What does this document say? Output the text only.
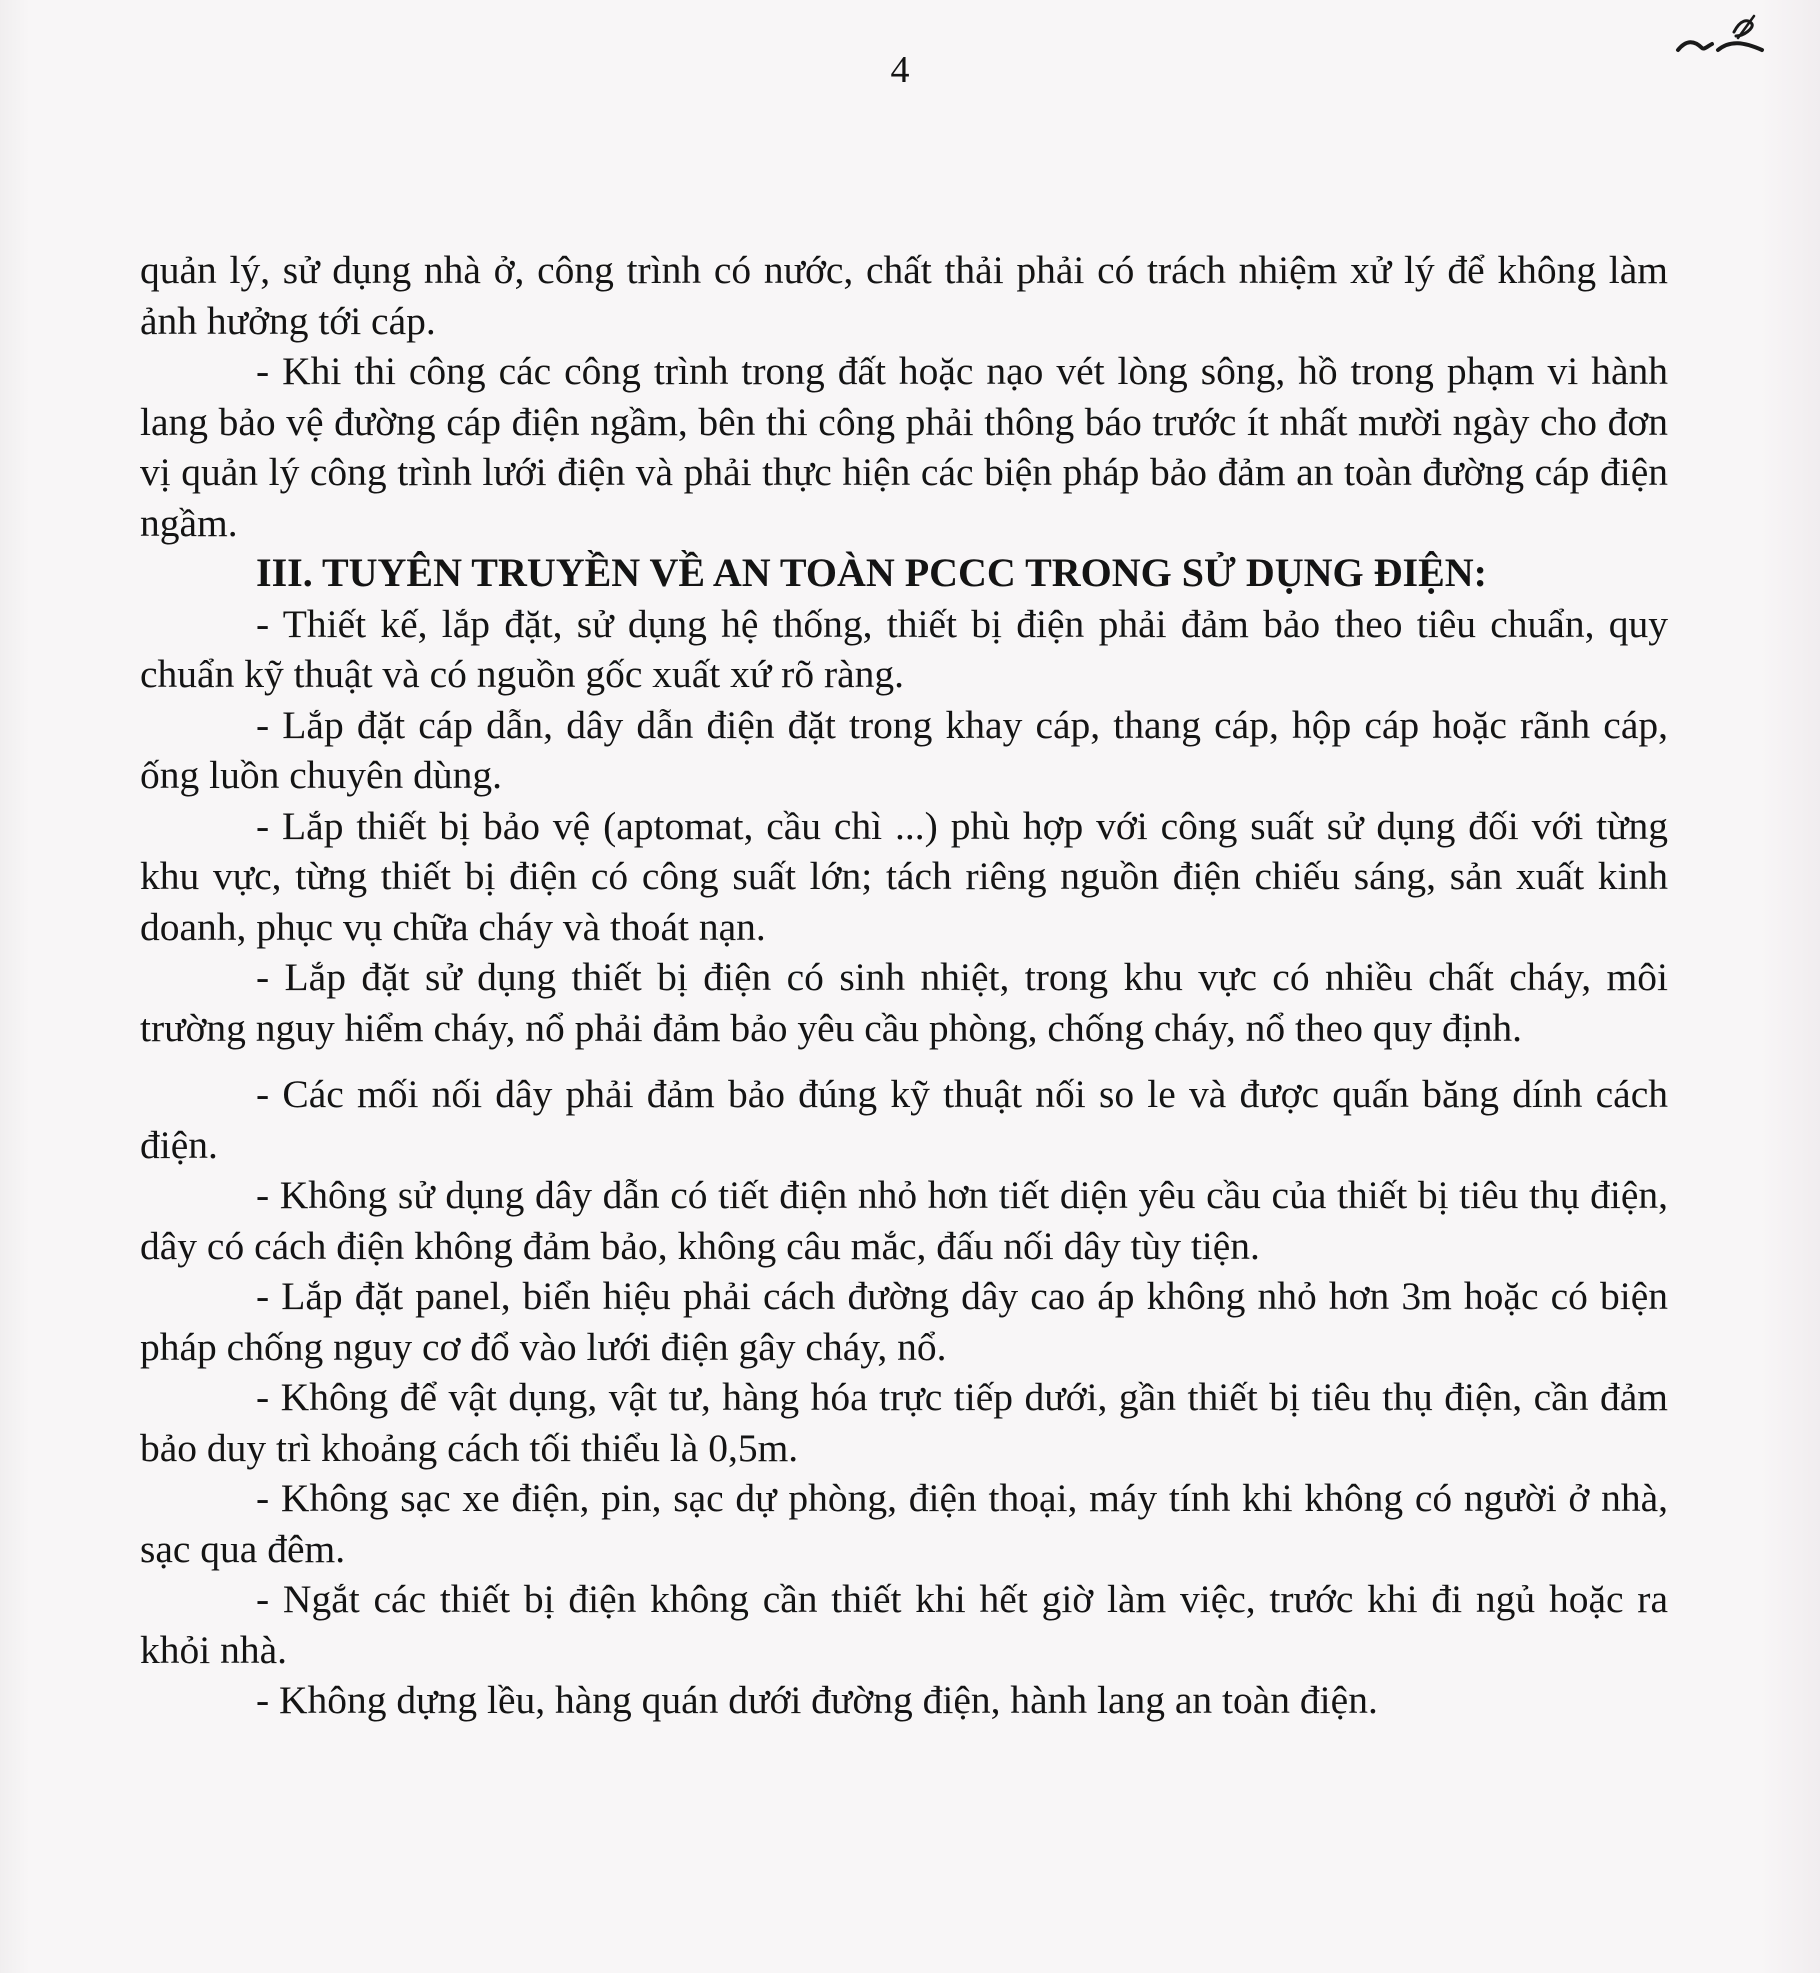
4

quản lý, sử dụng nhà ở, công trình có nước, chất thải phải có trách nhiệm xử lý để không làm ảnh hưởng tới cáp.

- Khi thi công các công trình trong đất hoặc nạo vét lòng sông, hồ trong phạm vi hành lang bảo vệ đường cáp điện ngầm, bên thi công phải thông báo trước ít nhất mười ngày cho đơn vị quản lý công trình lưới điện và phải thực hiện các biện pháp bảo đảm an toàn đường cáp điện ngầm.

III. TUYÊN TRUYỀN VỀ AN TOÀN PCCC TRONG SỬ DỤNG ĐIỆN:

- Thiết kế, lắp đặt, sử dụng hệ thống, thiết bị điện phải đảm bảo theo tiêu chuẩn, quy chuẩn kỹ thuật và có nguồn gốc xuất xứ rõ ràng.

- Lắp đặt cáp dẫn, dây dẫn điện đặt trong khay cáp, thang cáp, hộp cáp hoặc rãnh cáp, ống luồn chuyên dùng.

- Lắp thiết bị bảo vệ (aptomat, cầu chì ...) phù hợp với công suất sử dụng đối với từng khu vực, từng thiết bị điện có công suất lớn; tách riêng nguồn điện chiếu sáng, sản xuất kinh doanh, phục vụ chữa cháy và thoát nạn.

- Lắp đặt sử dụng thiết bị điện có sinh nhiệt, trong khu vực có nhiều chất cháy, môi trường nguy hiểm cháy, nổ phải đảm bảo yêu cầu phòng, chống cháy, nổ theo quy định.

- Các mối nối dây phải đảm bảo đúng kỹ thuật nối so le và được quấn băng dính cách điện.

- Không sử dụng dây dẫn có tiết điện nhỏ hơn tiết diện yêu cầu của thiết bị tiêu thụ điện, dây có cách điện không đảm bảo, không câu mắc, đấu nối dây tùy tiện.

- Lắp đặt panel, biển hiệu phải cách đường dây cao áp không nhỏ hơn 3m hoặc có biện pháp chống nguy cơ đổ vào lưới điện gây cháy, nổ.

- Không để vật dụng, vật tư, hàng hóa trực tiếp dưới, gần thiết bị tiêu thụ điện, cần đảm bảo duy trì khoảng cách tối thiểu là 0,5m.

- Không sạc xe điện, pin, sạc dự phòng, điện thoại, máy tính khi không có người ở nhà, sạc qua đêm.

- Ngắt các thiết bị điện không cần thiết khi hết giờ làm việc, trước khi đi ngủ hoặc ra khỏi nhà.

- Không dựng lều, hàng quán dưới đường điện, hành lang an toàn điện.
